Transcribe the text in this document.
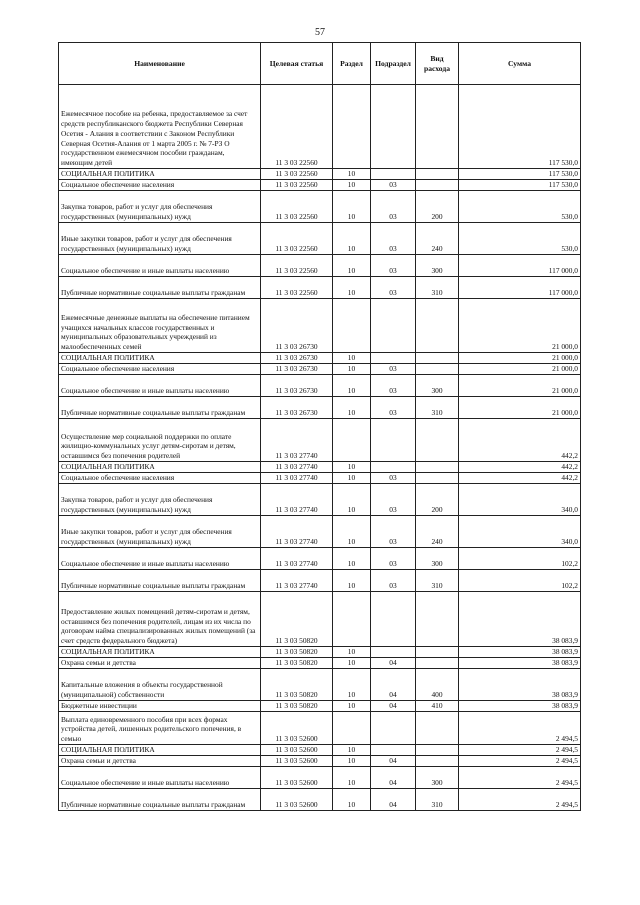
57
Наименование	Целевая статья	Раздел	Подраздел	Вид расхода	Сумма
Ежемесячное пособие на ребенка, предоставляемое за счет средств республиканского бюджета Республики Северная Осетия - Алания в соответствии с Законом Республики Северная Осетия-Алания от 1 марта 2005 г. № 7-РЗ О государственном ежемесячном пособии гражданам, имеющим детей	11 3 03 22560				117 530,0
СОЦИАЛЬНАЯ ПОЛИТИКА	11 3 03 22560	10			117 530,0
Социальное обеспечение населения	11 3 03 22560	10	03		117 530,0
Закупка товаров, работ и услуг для обеспечения государственных (муниципальных) нужд	11 3 03 22560	10	03	200	530,0
Иные закупки товаров, работ и услуг для обеспечения государственных (муниципальных) нужд	11 3 03 22560	10	03	240	530,0
Социальное обеспечение и иные выплаты населению	11 3 03 22560	10	03	300	117 000,0
Публичные нормативные социальные выплаты гражданам	11 3 03 22560	10	03	310	117 000,0
Ежемесячные денежные выплаты на обеспечение питанием учащихся начальных классов государственных и муниципальных образовательных учреждений из малообеспеченных семей	11 3 03 26730				21 000,0
СОЦИАЛЬНАЯ ПОЛИТИКА	11 3 03 26730	10			21 000,0
Социальное обеспечение населения	11 3 03 26730	10	03		21 000,0
Социальное обеспечение и иные выплаты населению	11 3 03 26730	10	03	300	21 000,0
Публичные нормативные социальные выплаты гражданам	11 3 03 26730	10	03	310	21 000,0
Осуществление мер социальной поддержки по оплате жилищно-коммунальных услуг детям-сиротам и детям, оставшимся без попечения родителей	11 3 03 27740				442,2
СОЦИАЛЬНАЯ ПОЛИТИКА	11 3 03 27740	10			442,2
Социальное обеспечение населения	11 3 03 27740	10	03		442,2
Закупка товаров, работ и услуг для обеспечения государственных (муниципальных) нужд	11 3 03 27740	10	03	200	340,0
Иные закупки товаров, работ и услуг для обеспечения государственных (муниципальных) нужд	11 3 03 27740	10	03	240	340,0
Социальное обеспечение и иные выплаты населению	11 3 03 27740	10	03	300	102,2
Публичные нормативные социальные выплаты гражданам	11 3 03 27740	10	03	310	102,2
Предоставление жилых помещений детям-сиротам и детям, оставшимся без попечения родителей, лицам из их числа по договорам найма специализированных жилых помещений (за счет средств федерального бюджета)	11 3 03 50820				38 083,9
СОЦИАЛЬНАЯ ПОЛИТИКА	11 3 03 50820	10			38 083,9
Охрана семьи и детства	11 3 03 50820	10	04		38 083,9
Капитальные вложения в объекты государственной (муниципальной) собственности	11 3 03 50820	10	04	400	38 083,9
Бюджетные инвестиции	11 3 03 50820	10	04	410	38 083,9
Выплата единовременного пособия при всех формах устройства детей, лишенных родительского попечения, в семью	11 3 03 52600				2 494,5
СОЦИАЛЬНАЯ ПОЛИТИКА	11 3 03 52600	10			2 494,5
Охрана семьи и детства	11 3 03 52600	10	04		2 494,5
Социальное обеспечение и иные выплаты населению	11 3 03 52600	10	04	300	2 494,5
Публичные нормативные социальные выплаты гражданам	11 3 03 52600	10	04	310	2 494,5
